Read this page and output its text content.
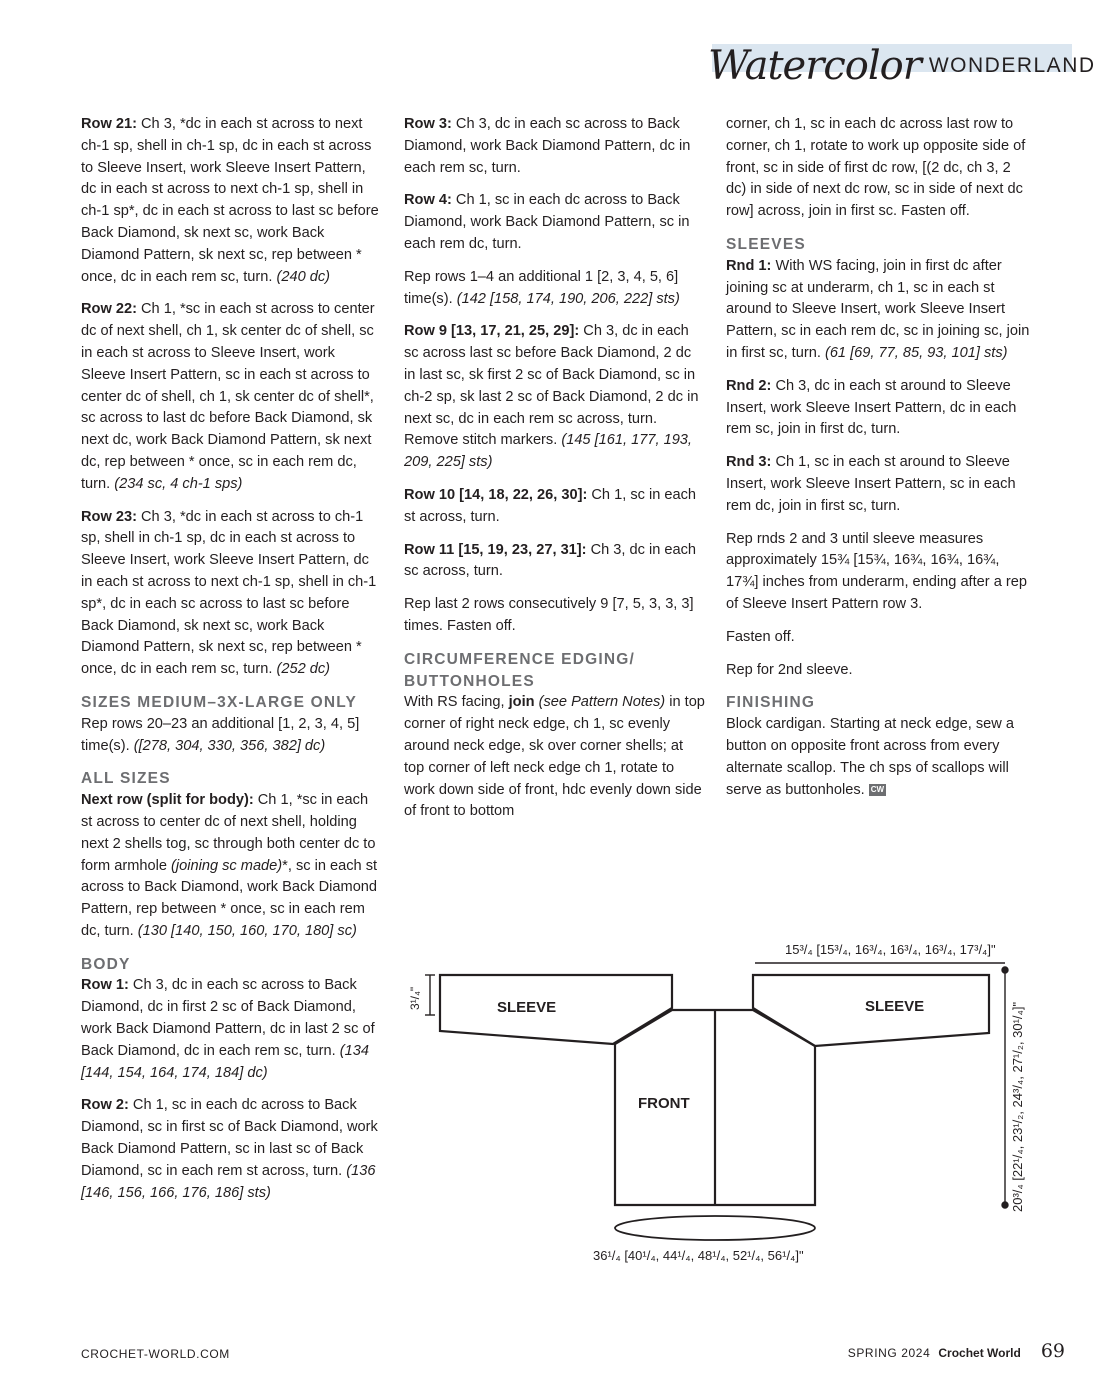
Watercolor WONDERLAND

Row 21: Ch 3, *dc in each st across to next ch-1 sp, shell in ch-1 sp, dc in each st across to Sleeve Insert, work Sleeve Insert Pattern, dc in each st across to next ch-1 sp, shell in ch-1 sp*, dc in each st across to last sc before Back Diamond, sk next sc, work Back Diamond Pattern, sk next sc, rep between * once, dc in each rem sc, turn. (240 dc)

Row 22: Ch 1, *sc in each st across to center dc of next shell, ch 1, sk center dc of shell, sc in each st across to Sleeve Insert, work Sleeve Insert Pattern, sc in each st across to center dc of shell, ch 1, sk center dc of shell*, sc across to last dc before Back Diamond, sk next dc, work Back Diamond Pattern, sk next dc, rep between * once, sc in each rem dc, turn. (234 sc, 4 ch-1 sps)

Row 23: Ch 3, *dc in each st across to ch-1 sp, shell in ch-1 sp, dc in each st across to Sleeve Insert, work Sleeve Insert Pattern, dc in each st across to next ch-1 sp, shell in ch-1 sp*, dc in each sc across to last sc before Back Diamond, sk next sc, work Back Diamond Pattern, sk next sc, rep between * once, dc in each rem sc, turn. (252 dc)

SIZES MEDIUM–3X-LARGE ONLY

Rep rows 20–23 an additional [1, 2, 3, 4, 5] time(s). ([278, 304, 330, 356, 382] dc)

ALL SIZES

Next row (split for body): Ch 1, *sc in each st across to center dc of next shell, holding next 2 shells tog, sc through both center dc to form armhole (joining sc made)*, sc in each st across to Back Diamond, work Back Diamond Pattern, rep between * once, sc in each rem dc, turn. (130 [140, 150, 160, 170, 180] sc)

BODY

Row 1: Ch 3, dc in each sc across to Back Diamond, dc in first 2 sc of Back Diamond, work Back Diamond Pattern, dc in last 2 sc of Back Diamond, dc in each rem sc, turn. (134 [144, 154, 164, 174, 184] dc)

Row 2: Ch 1, sc in each dc across to Back Diamond, sc in first sc of Back Diamond, work Back Diamond Pattern, sc in last sc of Back Diamond, sc in each rem st across, turn. (136 [146, 156, 166, 176, 186] sts)

Row 3: Ch 3, dc in each sc across to Back Diamond, work Back Diamond Pattern, dc in each rem sc, turn.

Row 4: Ch 1, sc in each dc across to Back Diamond, work Back Diamond Pattern, sc in each rem dc, turn.

Rep rows 1–4 an additional 1 [2, 3, 4, 5, 6] time(s). (142 [158, 174, 190, 206, 222] sts)

Row 9 [13, 17, 21, 25, 29]: Ch 3, dc in each sc across last sc before Back Diamond, 2 dc in last sc, sk first 2 sc of Back Diamond, sc in ch-2 sp, sk last 2 sc of Back Diamond, 2 dc in next sc, dc in each rem sc across, turn. Remove stitch markers. (145 [161, 177, 193, 209, 225] sts)

Row 10 [14, 18, 22, 26, 30]: Ch 1, sc in each st across, turn.

Row 11 [15, 19, 23, 27, 31]: Ch 3, dc in each sc across, turn.

Rep last 2 rows consecutively 9 [7, 5, 3, 3, 3] times. Fasten off.

CIRCUMFERENCE EDGING/ BUTTONHOLES

With RS facing, join (see Pattern Notes) in top corner of right neck edge, ch 1, sc evenly around neck edge, sk over corner shells; at top corner of left neck edge ch 1, rotate to work down side of front, hdc evenly down side of front to bottom

corner, ch 1, sc in each dc across last row to corner, ch 1, rotate to work up opposite side of front, sc in side of first dc row, [(2 dc, ch 3, 2 dc) in side of next dc row, sc in side of next dc row] across, join in first sc. Fasten off.

SLEEVES

Rnd 1: With WS facing, join in first dc after joining sc at underarm, ch 1, sc in each st around to Sleeve Insert, work Sleeve Insert Pattern, sc in each rem dc, sc in joining sc, join in first sc, turn. (61 [69, 77, 85, 93, 101] sts)

Rnd 2: Ch 3, dc in each st around to Sleeve Insert, work Sleeve Insert Pattern, dc in each rem sc, join in first dc, turn.

Rnd 3: Ch 1, sc in each st around to Sleeve Insert, work Sleeve Insert Pattern, sc in each rem dc, join in first sc, turn.

Rep rnds 2 and 3 until sleeve measures approximately 15¾ [15¾, 16¾, 16¾, 16¾, 17¾] inches from underarm, ending after a rep of Sleeve Insert Pattern row 3.

Fasten off.

Rep for 2nd sleeve.

FINISHING

Block cardigan. Starting at neck edge, sew a button on opposite front across from every alternate scallop. The ch sps of scallops will serve as buttonholes. CW

SLEEVE	SLEEVE
FRONT
3¹/₄"
15³/₄ [15³/₄, 16³/₄, 16³/₄, 16³/₄, 17³/₄]"
20³/₄ [22¹/₄, 23¹/₂, 24³/₄, 27¹/₂, 30¹/₄]"
36¹/₄ [40¹/₄, 44¹/₄, 48¹/₄, 52¹/₄, 56¹/₄]"
CROCHET-WORLD.COM	SPRING 2024 Crochet World 69
